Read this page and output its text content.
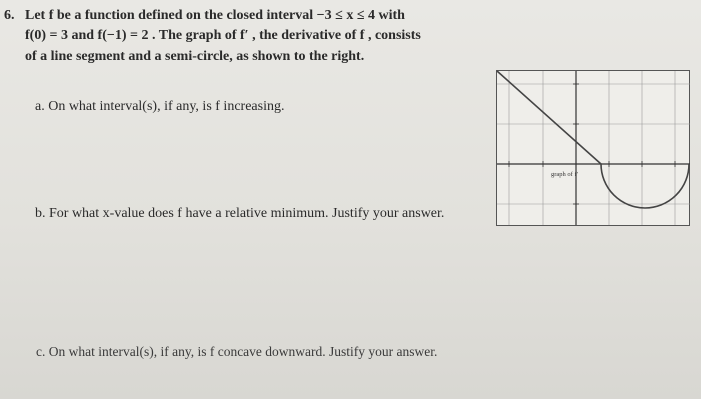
6. Let f be a function defined on the closed interval −3 ≤ x ≤ 4 with
f(0) = 3 and f(−1) = 2 . The graph of f′ , the derivative of f , consists
of a line segment and a semi-circle, as shown to the right.
a. On what interval(s), if any, is f increasing.
b. For what x-value does f have a relative minimum. Justify your answer.
c. On what interval(s), if any, is f concave downward. Justify your answer.
graph of f′
